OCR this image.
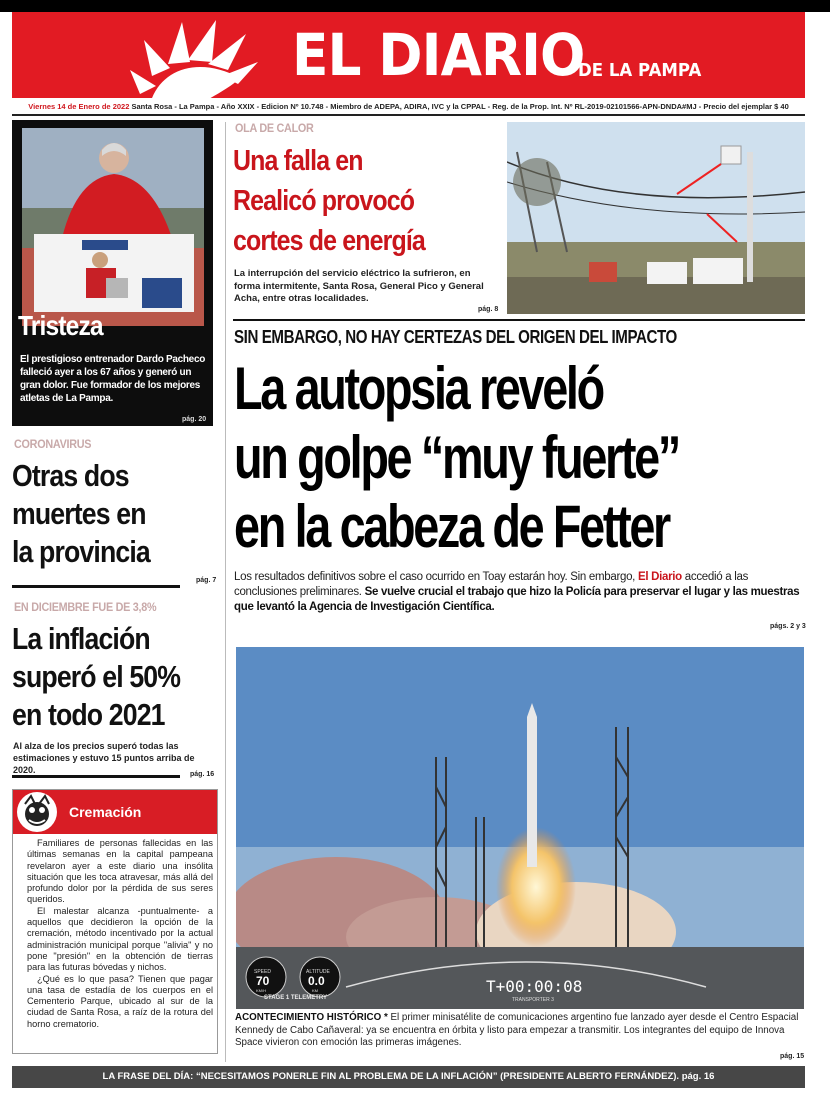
EL DIARIO
DE LA PAMPA
Viernes 14 de Enero de 2022 Santa Rosa - La Pampa - Año XXIX - Edicion Nº 10.748 - Miembro de ADEPA, ADIRA, IVC y la CPPAL - Reg. de la Prop. Int. Nº RL-2019-02101566-APN-DNDA#MJ - Precio del ejemplar $ 40
Tristeza
El prestigioso entrenador Dardo Pacheco falleció ayer a los 67 años y generó un gran dolor. Fue formador de los mejores atletas de La Pampa.
pág. 20
CORONAVIRUS
Otras dos
muertes en
la provincia
pág. 7
EN DICIEMBRE FUE DE 3,8%
La inflación
superó el 50%
en todo 2021
Al alza de los precios superó todas las estimaciones y estuvo 15 puntos arriba de 2020.	pág. 16
Cremación

Familiares de personas fallecidas en las últimas semanas en la capital pampeana revelaron ayer a este diario una insólita situación que les toca atravesar, más allá del profundo dolor por la pérdida de sus seres queridos.

El malestar alcanza -puntualmente- a aquellos que decidieron la opción de la cremación, método incentivado por la actual administración municipal porque "alivia" y no pone "presión" en la obtención de tierras para las futuras bóvedas y nichos.

¿Qué es lo que pasa? Tienen que pagar una tasa de estadía de los cuerpos en el Cementerio Parque, ubicado al sur de la ciudad de Santa Rosa, a raíz de la rotura del horno crematorio.

OLA DE CALOR
Una falla en
Realicó provocó
cortes de energía
La interrupción del servicio eléctrico la sufrieron, en forma intermitente, Santa Rosa, General Pico y General Acha, entre otras localidades.
pág. 8
SIN EMBARGO, NO HAY CERTEZAS DEL ORIGEN DEL IMPACTO
La autopsia reveló
un golpe “muy fuerte”
en la cabeza de Fetter
Los resultados definitivos sobre el caso ocurrido en Toay estarán hoy. Sin embargo, El Diario accedió a las conclusiones preliminares. Se vuelve crucial el trabajo que hizo la Policía para preservar el lugar y las muestras que levantó la Agencia de Investigación Científica.
págs. 2 y 3
SPEED
70
KM/H
ALTITUDE
0.0
KM
STAGE 1 TELEMETRY
T+00:00:08
TRANSPORTER 3
ACONTECIMIENTO HISTÓRICO * El primer minisatélite de comunicaciones argentino fue lanzado ayer desde el Centro Espacial Kennedy de Cabo Cañaveral: ya se encuentra en órbita y listo para empezar a transmitir. Los integrantes del equipo de Innova Space vivieron con emoción las primeras imágenes.
pág. 15
LA FRASE DEL DÍA: “NECESITAMOS PONERLE FIN AL PROBLEMA DE LA INFLACIÓN” (PRESIDENTE ALBERTO FERNÁNDEZ). pág. 16
